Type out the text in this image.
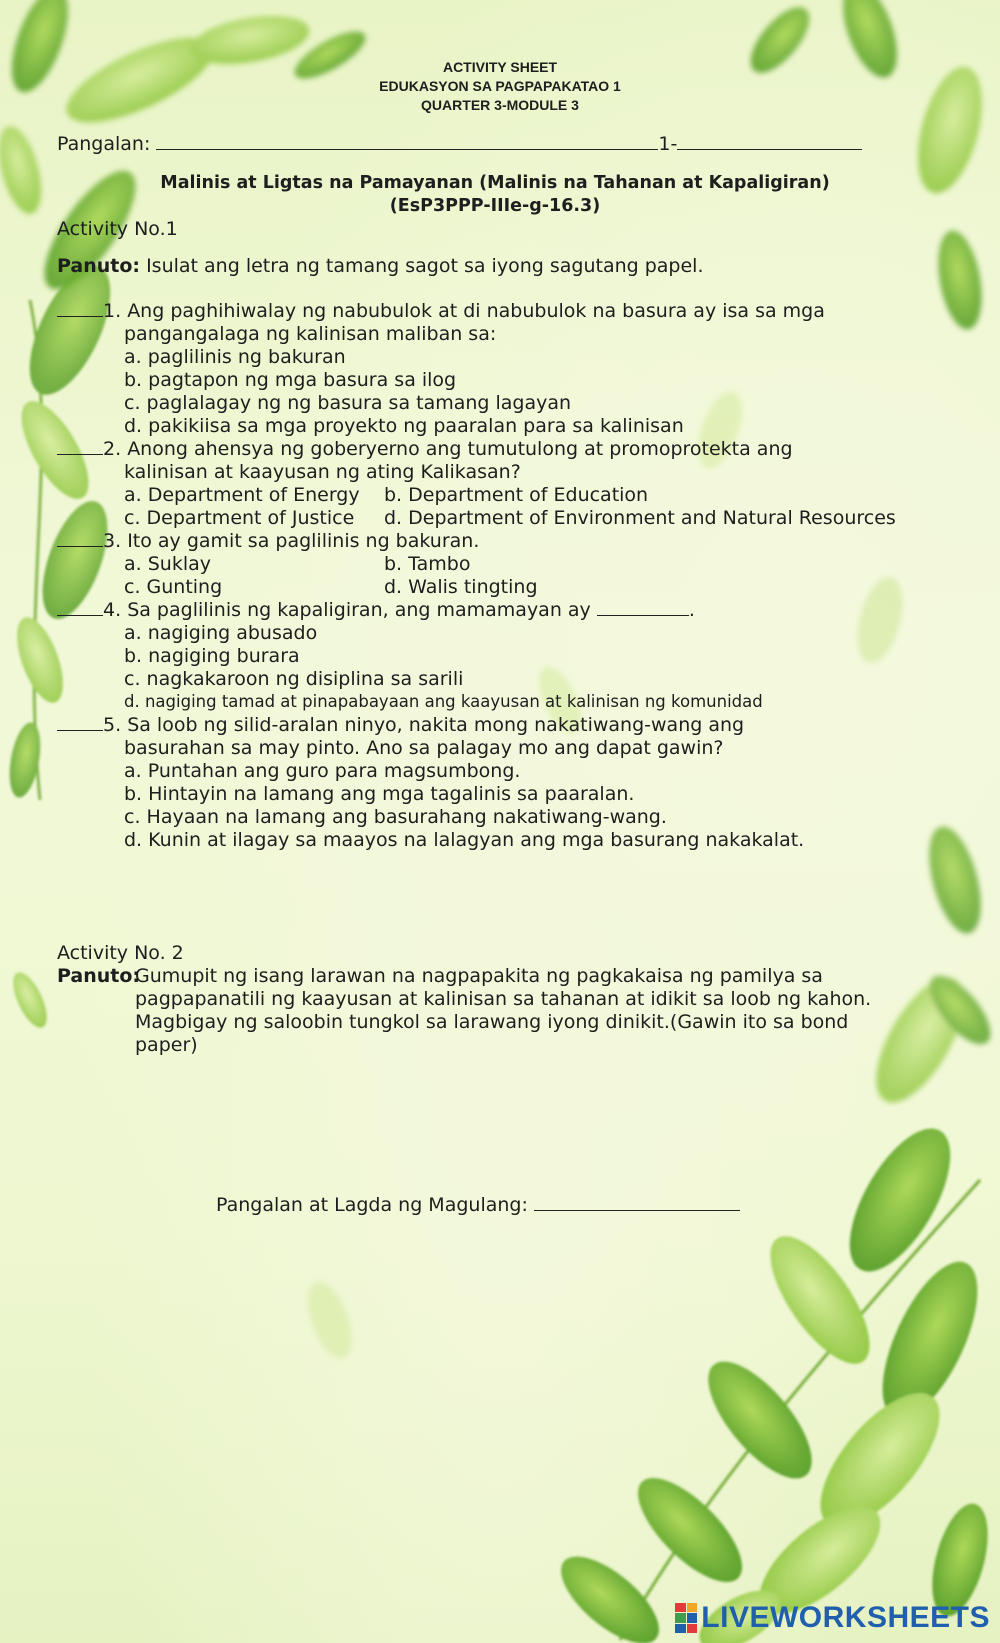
ACTIVITY SHEET
EDUKASYON SA PAGPAPAKATAO 1
QUARTER 3-MODULE 3
Pangalan:	1-
Malinis at Ligtas na Pamayanan (Malinis na Tahanan at Kapaligiran)
(EsP3PPP-IIIe-g-16.3)
Activity No.1
Panuto: Isulat ang letra ng tamang sagot sa iyong sagutang papel.
1. Ang paghihiwalay ng nabubulok at di nabubulok na basura ay isa sa mga
pangangalaga ng kalinisan maliban sa:
a. paglilinis ng bakuran
b. pagtapon ng mga basura sa ilog
c. paglalagay ng ng basura sa tamang lagayan
d. pakikiisa sa mga proyekto ng paaralan para sa kalinisan
2. Anong ahensya ng goberyerno ang tumutulong at promoprotekta ang
kalinisan at kaayusan ng ating Kalikasan?
a. Department of Energy b. Department of Education
c. Department of Justice d. Department of Environment and Natural Resources
3. Ito ay gamit sa paglilinis ng bakuran.
a. Suklay	b. Tambo
c. Gunting	d. Walis tingting
4. Sa paglilinis ng kapaligiran, ang mamamayan ay	.
a. nagiging abusado
b. nagiging burara
c. nagkakaroon ng disiplina sa sarili
d. nagiging tamad at pinapabayaan ang kaayusan at kalinisan ng komunidad
5. Sa loob ng silid-aralan ninyo, nakita mong nakatiwang-wang ang
basurahan sa may pinto. Ano sa palagay mo ang dapat gawin?
a. Puntahan ang guro para magsumbong.
b. Hintayin na lamang ang mga tagalinis sa paaralan.
c. Hayaan na lamang ang basurahang nakatiwang-wang.
d. Kunin at ilagay sa maayos na lalagyan ang mga basurang nakakalat.
Activity No. 2
Panuto:
Gumupit ng isang larawan na nagpapakita ng pagkakaisa ng pamilya sa
pagpapanatili ng kaayusan at kalinisan sa tahanan at idikit sa loob ng kahon.
Magbigay ng saloobin tungkol sa larawang iyong dinikit.(Gawin ito sa bond
paper)
Pangalan at Lagda ng Magulang:
LIVEWORKSHEETS
